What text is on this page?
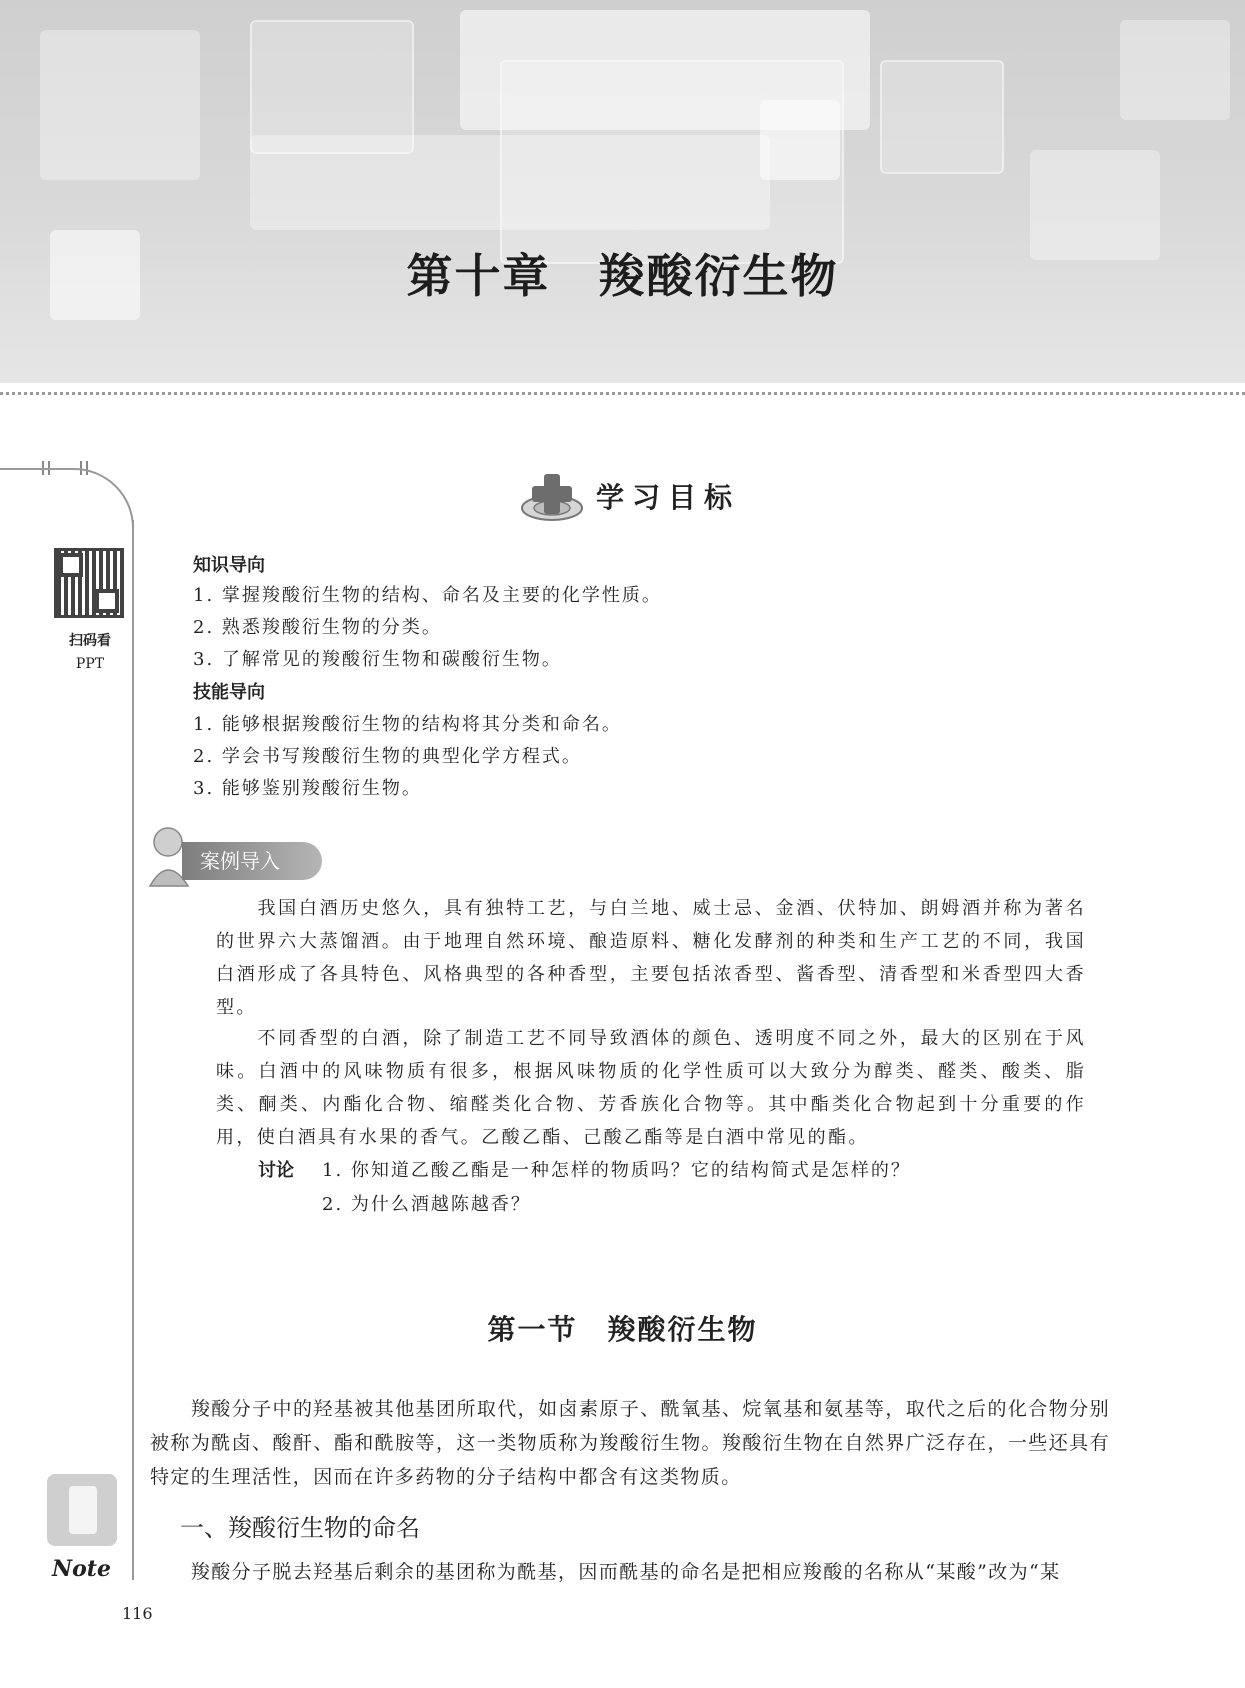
第十章　羧酸衍生物
扫码看
PPT
学习目标
知识导向
1. 掌握羧酸衍生物的结构、命名及主要的化学性质。
2. 熟悉羧酸衍生物的分类。
3. 了解常见的羧酸衍生物和碳酸衍生物。
技能导向
1. 能够根据羧酸衍生物的结构将其分类和命名。
2. 学会书写羧酸衍生物的典型化学方程式。
3. 能够鉴别羧酸衍生物。
案例导入
　　我国白酒历史悠久，具有独特工艺，与白兰地、威士忌、金酒、伏特加、朗姆酒并称为著名的世界六大蒸馏酒。由于地理自然环境、酿造原料、糖化发酵剂的种类和生产工艺的不同，我国白酒形成了各具特色、风格典型的各种香型，主要包括浓香型、酱香型、清香型和米香型四大香型。
　　不同香型的白酒，除了制造工艺不同导致酒体的颜色、透明度不同之外，最大的区别在于风味。白酒中的风味物质有很多，根据风味物质的化学性质可以大致分为醇类、醛类、酸类、脂类、酮类、内酯化合物、缩醛类化合物、芳香族化合物等。其中酯类化合物起到十分重要的作用，使白酒具有水果的香气。乙酸乙酯、己酸乙酯等是白酒中常见的酯。
讨论 1. 你知道乙酸乙酯是一种怎样的物质吗？它的结构简式是怎样的？
2. 为什么酒越陈越香？
第一节　羧酸衍生物
　　羧酸分子中的羟基被其他基团所取代，如卤素原子、酰氧基、烷氧基和氨基等，取代之后的化合物分别被称为酰卤、酸酐、酯和酰胺等，这一类物质称为羧酸衍生物。羧酸衍生物在自然界广泛存在，一些还具有特定的生理活性，因而在许多药物的分子结构中都含有这类物质。
一、羧酸衍生物的命名
　　羧酸分子脱去羟基后剩余的基团称为酰基，因而酰基的命名是把相应羧酸的名称从“某酸”改为“某
Note
116
